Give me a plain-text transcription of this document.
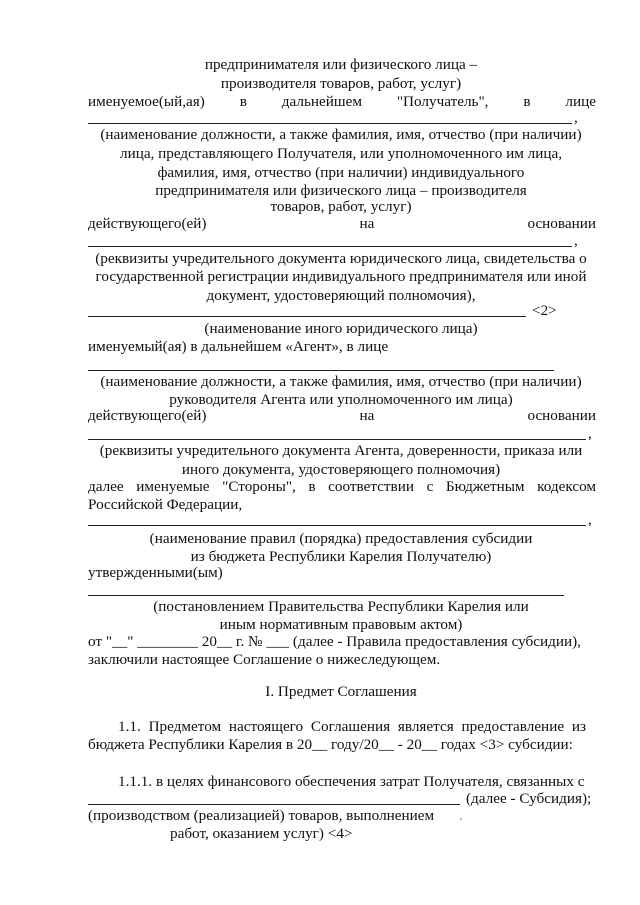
предпринимателя или физического лица –
производителя товаров, работ, услуг)
именуемое(ый,ая) в дальнейшем "Получатель", в лице
,
(наименование должности, а также фамилия, имя, отчество (при наличии)
лица, представляющего Получателя, или уполномоченного им лица,
фамилия, имя, отчество (при наличии) индивидуального
предпринимателя или физического лица – производителя
товаров, работ, услуг)
действующего(ей)	на	основании
,
(реквизиты учредительного документа юридического лица, свидетельства о
государственной регистрации индивидуального предпринимателя или иной
документ, удостоверяющий полномочия),
<2>
(наименование иного юридического лица)
именуемый(ая) в дальнейшем «Агент», в лице
(наименование должности, а также фамилия, имя, отчество (при наличии)
руководителя Агента или уполномоченного им лица)
действующего(ей)	на	основании
,
(реквизиты учредительного документа Агента, доверенности, приказа или
иного документа, удостоверяющего полномочия)
далее именуемые "Стороны", в соответствии с Бюджетным кодексом
Российской Федерации,
,
(наименование правил (порядка) предоставления субсидии
из бюджета Республики Карелия Получателю)
утвержденными(ым)
(постановлением Правительства Республики Карелия или
иным нормативным правовым актом)
от "__" ________ 20__ г. № ___ (далее - Правила предоставления субсидии),
заключили настоящее Соглашение о нижеследующем.
I. Предмет Соглашения
1.1. Предметом настоящего Соглашения является предоставление из
бюджета Республики Карелия в 20__ году/20__ - 20__ годах <3> субсидии:
1.1.1. в целях финансового обеспечения затрат Получателя, связанных с
(далее - Субсидия);
(производством (реализацией) товаров, выполнением
работ, оказанием услуг) <4>
